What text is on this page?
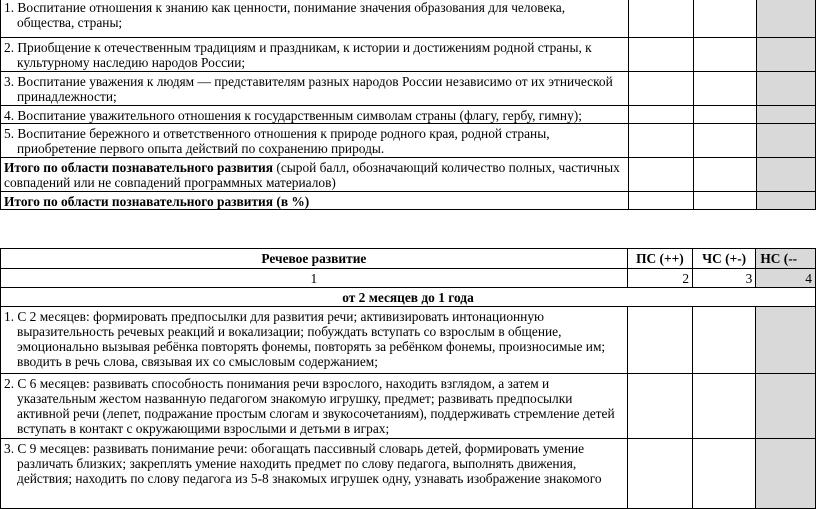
1. Воспитание отношения к знанию как ценности, понимание значения образования для человека, общества, страны;			
2. Приобщение к отечественным традициям и праздникам, к истории и достижениям родной страны, к культурному наследию народов России;			
3. Воспитание уважения к людям — представителям разных народов России независимо от их этнической принадлежности;			
4. Воспитание уважительного отношения к государственным символам страны (флагу, гербу, гимну);			
5. Воспитание бережного и ответственного отношения к природе родного края, родной страны, приобретение первого опыта действий по сохранению природы.			
Итого по области познавательного развития (сырой балл, обозначающий количество полных, частичных совпадений или не совпадений программных материалов)			
Итого по области познавательного развития (в %)			
Речевое развитие	ПС (++)	ЧС (+-)	НС (--
1	2	3	4
от 2 месяцев до 1 года			
1. С 2 месяцев: формировать предпосылки для развития речи; активизировать интонационную выразительность речевых реакций и вокализации; побуждать вступать со взрослым в общение, эмоционально вызывая ребёнка повторять фонемы, повторять за ребёнком фонемы, произносимые им; вводить в речь слова, связывая их со смысловым содержанием;			
2. С 6 месяцев: развивать способность понимания речи взрослого, находить взглядом, а затем и указательным жестом названную педагогом знакомую игрушку, предмет; развивать предпосылки активной речи (лепет, подражание простым слогам и звукосочетаниям), поддерживать стремление детей вступать в контакт с окружающими взрослыми и детьми в играх;			
3. С 9 месяцев: развивать понимание речи: обогащать пассивный словарь детей, формировать умение различать близких; закреплять умение находить предмет по слову педагога, выполнять движения, действия; находить по слову педагога из 5-8 знакомых игрушек одну, узнавать изображение знакомого			
